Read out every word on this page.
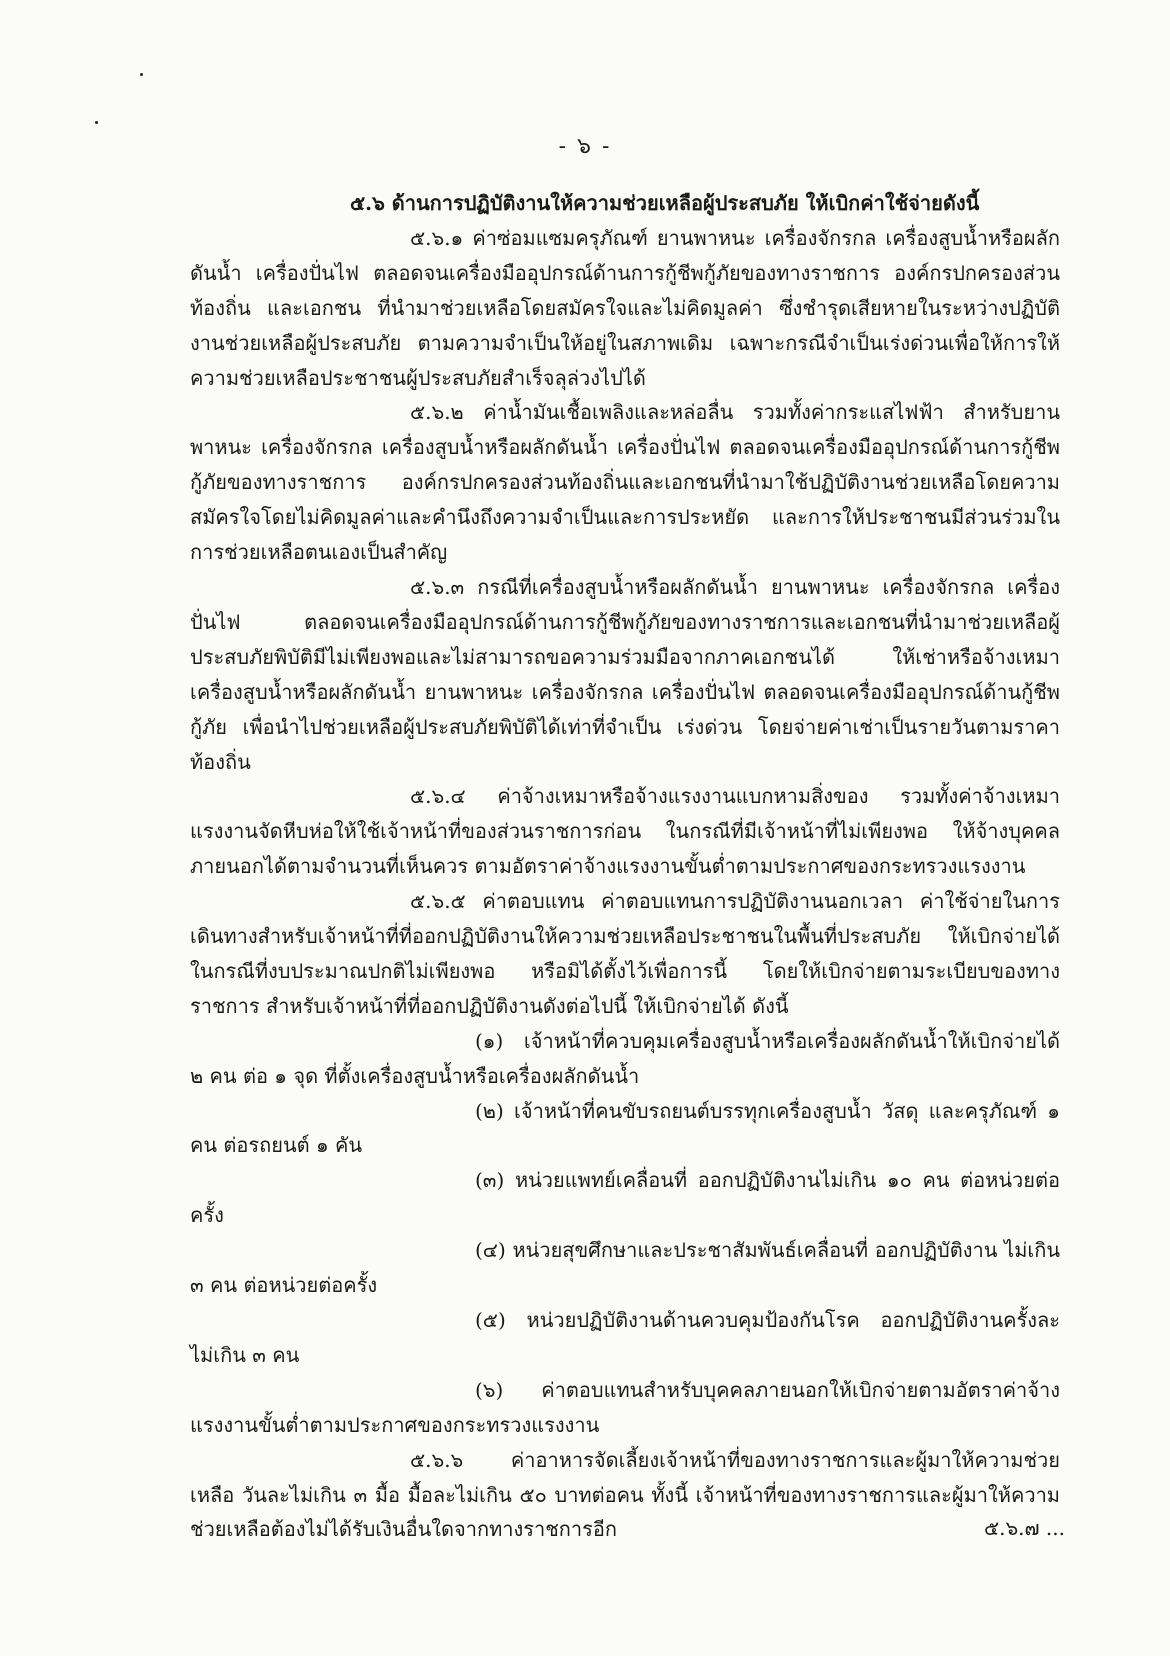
- ๖ -

๕.๖ ด้านการปฏิบัติงานให้ความช่วยเหลือผู้ประสบภัย ให้เบิกค่าใช้จ่ายดังนี้

๕.๖.๑ ค่าซ่อมแซมครุภัณฑ์ ยานพาหนะ เครื่องจักรกล เครื่องสูบน้ำหรือผลักดันน้ำ เครื่องปั่นไฟ ตลอดจนเครื่องมืออุปกรณ์ด้านการกู้ชีพกู้ภัยของทางราชการ องค์กรปกครองส่วนท้องถิ่น และเอกชน ที่นำมาช่วยเหลือโดยสมัครใจและไม่คิดมูลค่า ซึ่งชำรุดเสียหายในระหว่างปฏิบัติงานช่วยเหลือผู้ประสบภัย ตามความจำเป็นให้อยู่ในสภาพเดิม เฉพาะกรณีจำเป็นเร่งด่วนเพื่อให้การให้ความช่วยเหลือประชาชนผู้ประสบภัยสำเร็จลุล่วงไปได้

๕.๖.๒ ค่าน้ำมันเชื้อเพลิงและหล่อลื่น รวมทั้งค่ากระแสไฟฟ้า สำหรับยานพาหนะ เครื่องจักรกล เครื่องสูบน้ำหรือผลักดันน้ำ เครื่องปั่นไฟ ตลอดจนเครื่องมืออุปกรณ์ด้านการกู้ชีพกู้ภัยของทางราชการ องค์กรปกครองส่วนท้องถิ่นและเอกชนที่นำมาใช้ปฏิบัติงานช่วยเหลือโดยความสมัครใจโดยไม่คิดมูลค่าและคำนึงถึงความจำเป็นและการประหยัด และการให้ประชาชนมีส่วนร่วมในการช่วยเหลือตนเองเป็นสำคัญ

๕.๖.๓ กรณีที่เครื่องสูบน้ำหรือผลักดันน้ำ ยานพาหนะ เครื่องจักรกล เครื่องปั่นไฟ ตลอดจนเครื่องมืออุปกรณ์ด้านการกู้ชีพกู้ภัยของทางราชการและเอกชนที่นำมาช่วยเหลือผู้ประสบภัยพิบัติมีไม่เพียงพอและไม่สามารถขอความร่วมมือจากภาคเอกชนได้ ให้เช่าหรือจ้างเหมาเครื่องสูบน้ำหรือผลักดันน้ำ ยานพาหนะ เครื่องจักรกล เครื่องปั่นไฟ ตลอดจนเครื่องมืออุปกรณ์ด้านกู้ชีพกู้ภัย เพื่อนำไปช่วยเหลือผู้ประสบภัยพิบัติได้เท่าที่จำเป็น เร่งด่วน โดยจ่ายค่าเช่าเป็นรายวันตามราคาท้องถิ่น

๕.๖.๔ ค่าจ้างเหมาหรือจ้างแรงงานแบกหามสิ่งของ รวมทั้งค่าจ้างเหมาแรงงานจัดหีบห่อให้ใช้เจ้าหน้าที่ของส่วนราชการก่อน ในกรณีที่มีเจ้าหน้าที่ไม่เพียงพอ ให้จ้างบุคคลภายนอกได้ตามจำนวนที่เห็นควร ตามอัตราค่าจ้างแรงงานขั้นต่ำตามประกาศของกระทรวงแรงงาน

๕.๖.๕ ค่าตอบแทน ค่าตอบแทนการปฏิบัติงานนอกเวลา ค่าใช้จ่ายในการเดินทางสำหรับเจ้าหน้าที่ที่ออกปฏิบัติงานให้ความช่วยเหลือประชาชนในพื้นที่ประสบภัย ให้เบิกจ่ายได้ในกรณีที่งบประมาณปกติไม่เพียงพอ หรือมิได้ตั้งไว้เพื่อการนี้ โดยให้เบิกจ่ายตามระเบียบของทางราชการ สำหรับเจ้าหน้าที่ที่ออกปฏิบัติงานดังต่อไปนี้ ให้เบิกจ่ายได้ ดังนี้

(๑) เจ้าหน้าที่ควบคุมเครื่องสูบน้ำหรือเครื่องผลักดันน้ำให้เบิกจ่ายได้ ๒ คน ต่อ ๑ จุด ที่ตั้งเครื่องสูบน้ำหรือเครื่องผลักดันน้ำ

(๒) เจ้าหน้าที่คนขับรถยนต์บรรทุกเครื่องสูบน้ำ วัสดุ และครุภัณฑ์ ๑ คน ต่อรถยนต์ ๑ คัน

(๓) หน่วยแพทย์เคลื่อนที่ ออกปฏิบัติงานไม่เกิน ๑๐ คน ต่อหน่วยต่อครั้ง

(๔) หน่วยสุขศึกษาและประชาสัมพันธ์เคลื่อนที่ ออกปฏิบัติงาน ไม่เกิน ๓ คน ต่อหน่วยต่อครั้ง

(๕) หน่วยปฏิบัติงานด้านควบคุมป้องกันโรค ออกปฏิบัติงานครั้งละ ไม่เกิน ๓ คน

(๖) ค่าตอบแทนสำหรับบุคคลภายนอกให้เบิกจ่ายตามอัตราค่าจ้าง แรงงานขั้นต่ำตามประกาศของกระทรวงแรงงาน

๕.๖.๖ ค่าอาหารจัดเลี้ยงเจ้าหน้าที่ของทางราชการและผู้มาให้ความช่วยเหลือ วันละไม่เกิน ๓ มื้อ มื้อละไม่เกิน ๕๐ บาทต่อคน ทั้งนี้ เจ้าหน้าที่ของทางราชการและผู้มาให้ความช่วยเหลือต้องไม่ได้รับเงินอื่นใดจากทางราชการอีก	๕.๖.๗ ...
